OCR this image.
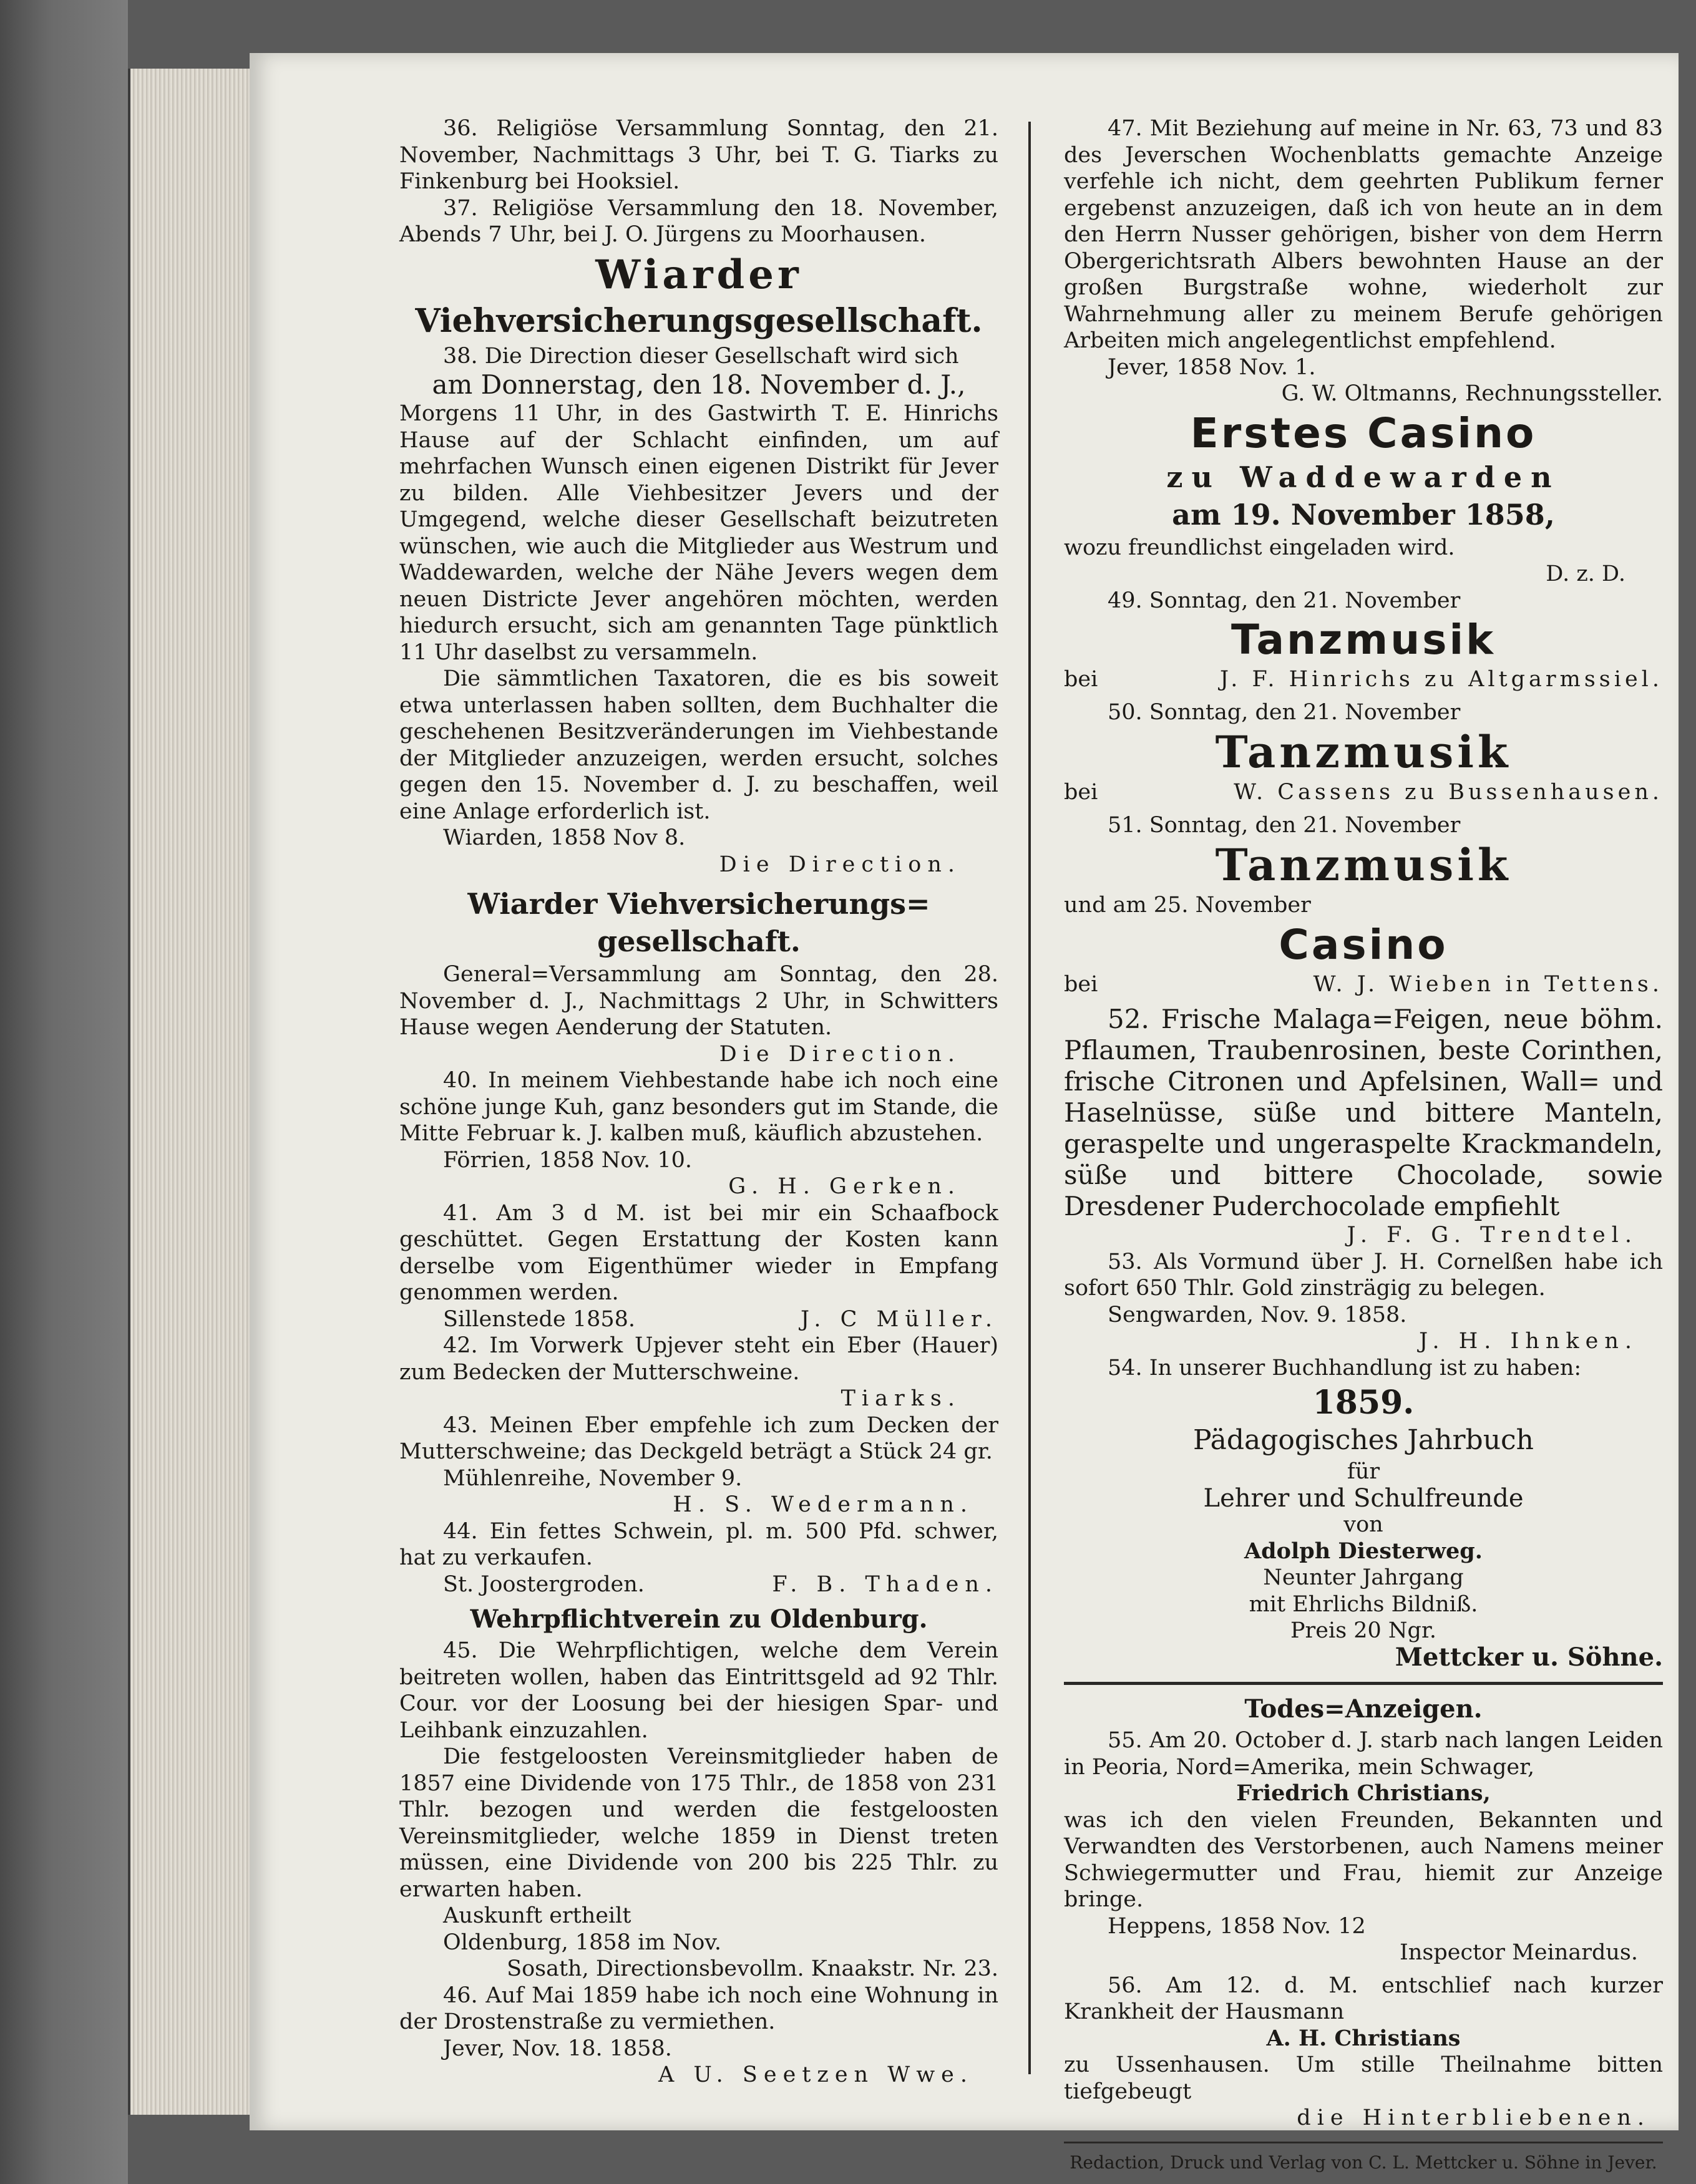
36. Religiöse Versammlung Sonntag, den 21. November, Nachmittags 3 Uhr, bei T. G. Tiarks zu Finkenburg bei Hooksiel.

37. Religiöse Versammlung den 18. November, Abends 7 Uhr, bei J. O. Jürgens zu Moorhausen.

Wiarder
Viehversicherungsgesellschaft.

38. Die Direction dieser Gesellschaft wird sich

am Donnerstag, den 18. November d. J.,

Morgens 11 Uhr, in des Gastwirth T. E. Hinrichs Hause auf der Schlacht einfinden, um auf mehrfachen Wunsch einen eigenen Distrikt für Jever zu bilden. Alle Viehbesitzer Jevers und der Umgegend, welche dieser Gesellschaft beizutreten wünschen, wie auch die Mitglieder aus Westrum und Waddewarden, welche der Nähe Jevers wegen dem neuen Districte Jever angehören möchten, werden hiedurch ersucht, sich am genannten Tage pünktlich 11 Uhr daselbst zu versammeln.

Die sämmtlichen Taxatoren, die es bis soweit etwa unterlassen haben sollten, dem Buchhalter die geschehenen Besitzveränderungen im Viehbestande der Mitglieder anzuzeigen, werden ersucht, solches gegen den 15. November d. J. zu beschaffen, weil eine Anlage erforderlich ist.

Wiarden, 1858 Nov 8.

Die Direction.

Wiarder Viehversicherungs=
gesellschaft.

General=Versammlung am Sonntag, den 28. November d. J., Nachmittags 2 Uhr, in Schwitters Hause wegen Aenderung der Statuten.

Die Direction.

40. In meinem Viehbestande habe ich noch eine schöne junge Kuh, ganz besonders gut im Stande, die Mitte Februar k. J. kalben muß, käuflich abzustehen.

Förrien, 1858 Nov. 10.

G. H. Gerken.

41. Am 3 d M. ist bei mir ein Schaafbock geschüttet. Gegen Erstattung der Kosten kann derselbe vom Eigenthümer wieder in Empfang genommen werden.

Sillenstede 1858.	J. C Müller.

42. Im Vorwerk Upjever steht ein Eber (Hauer) zum Bedecken der Mutterschweine.

Tiarks.

43. Meinen Eber empfehle ich zum Decken der Mutterschweine; das Deckgeld beträgt a Stück 24 gr.

Mühlenreihe, November 9.

H. S. Wedermann.

44. Ein fettes Schwein, pl. m. 500 Pfd. schwer, hat zu verkaufen.

St. Joostergroden.	F. B. Thaden.
Wehrpflichtverein zu Oldenburg.

45. Die Wehrpflichtigen, welche dem Verein beitreten wollen, haben das Eintrittsgeld ad 92 Thlr. Cour. vor der Loosung bei der hiesigen Spar- und Leihbank einzuzahlen.

Die festgeloosten Vereinsmitglieder haben de 1857 eine Dividende von 175 Thlr., de 1858 von 231 Thlr. bezogen und werden die festgeloosten Vereinsmitglieder, welche 1859 in Dienst treten müssen, eine Dividende von 200 bis 225 Thlr. zu erwarten haben.

Auskunft ertheilt

Oldenburg, 1858 im Nov.

Sosath, Directionsbevollm. Knaakstr. Nr. 23.

46. Auf Mai 1859 habe ich noch eine Wohnung in der Drostenstraße zu vermiethen.

Jever, Nov. 18. 1858.

A U. Seetzen Wwe.

47. Mit Beziehung auf meine in Nr. 63, 73 und 83 des Jeverschen Wochenblatts gemachte Anzeige verfehle ich nicht, dem geehrten Publikum ferner ergebenst anzuzeigen, daß ich von heute an in dem den Herrn Nusser gehörigen, bisher von dem Herrn Obergerichtsrath Albers bewohnten Hause an der großen Burgstraße wohne, wiederholt zur Wahrnehmung aller zu meinem Berufe gehörigen Arbeiten mich angelegentlichst empfehlend.

Jever, 1858 Nov. 1.

G. W. Oltmanns, Rechnungssteller.

Erstes Casino
zu Waddewarden
am 19. November 1858,

wozu freundlichst eingeladen wird.

D. z. D.

49. Sonntag, den 21. November

Tanzmusik
bei	J. F. Hinrichs zu Altgarmssiel.

50. Sonntag, den 21. November

Tanzmusik
bei	W. Cassens zu Bussenhausen.

51. Sonntag, den 21. November

Tanzmusik

und am 25. November

Casino
bei	W. J. Wieben in Tettens.

52. Frische Malaga=Feigen, neue böhm. Pflaumen, Traubenrosinen, beste Corinthen, frische Citronen und Apfelsinen, Wall= und Haselnüsse, süße und bittere Manteln, geraspelte und ungeraspelte Krackmandeln, süße und bittere Chocolade, sowie Dresdener Puderchocolade empfiehlt

J. F. G. Trendtel.

53. Als Vormund über J. H. Cornelßen habe ich sofort 650 Thlr. Gold zinsträgig zu belegen.

Sengwarden, Nov. 9. 1858.

J. H. Ihnken.

54. In unserer Buchhandlung ist zu haben:

1859.
Pädagogisches Jahrbuch

für

Lehrer und Schulfreunde

von

Adolph Diesterweg.

Neunter Jahrgang

mit Ehrlichs Bildniß.

Preis 20 Ngr.

Mettcker u. Söhne.

Todes=Anzeigen.

55. Am 20. October d. J. starb nach langen Leiden in Peoria, Nord=Amerika, mein Schwager,

Friedrich Christians,

was ich den vielen Freunden, Bekannten und Verwandten des Verstorbenen, auch Namens meiner Schwiegermutter und Frau, hiemit zur Anzeige bringe.

Heppens, 1858 Nov. 12

Inspector Meinardus.

56. Am 12. d. M. entschlief nach kurzer Krankheit der Hausmann

A. H. Christians

zu Ussenhausen. Um stille Theilnahme bitten tiefgebeugt

die Hinterbliebenen.

Redaction, Druck und Verlag von C. L. Mettcker u. Söhne in Jever.
